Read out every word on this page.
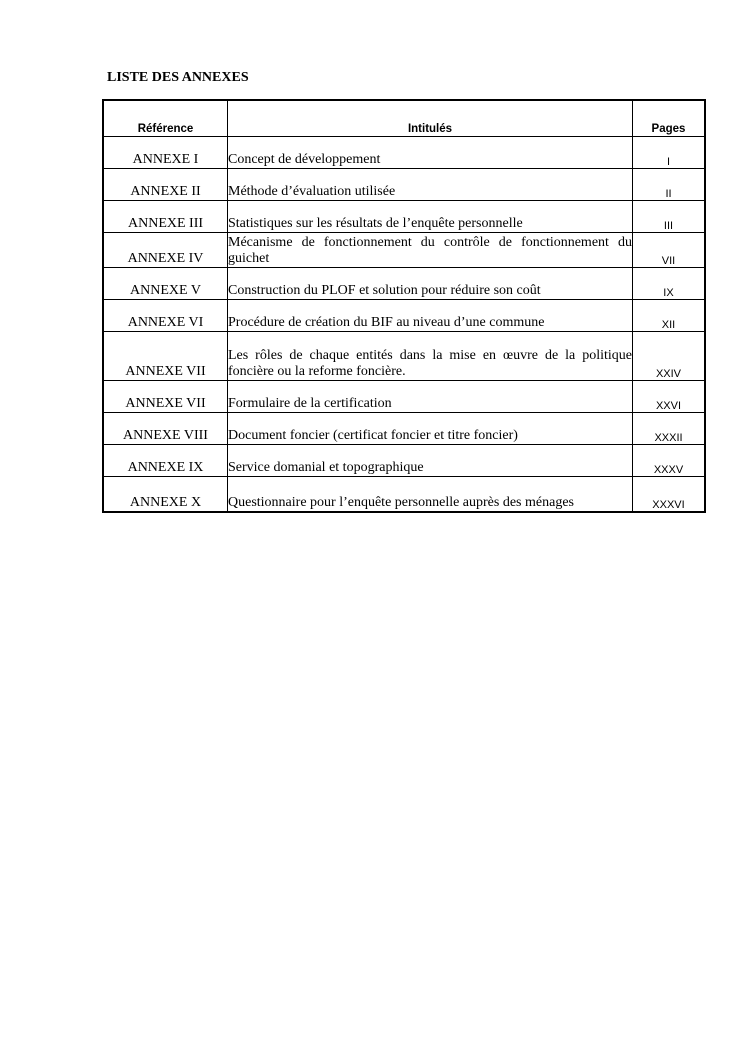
LISTE DES ANNEXES
Référence	Intitulés	Pages
ANNEXE I	Concept de développement	I
ANNEXE II	Méthode d’évaluation utilisée	II
ANNEXE III	Statistiques sur les résultats de l’enquête personnelle	III
ANNEXE IV	Mécanisme de fonctionnement du contrôle de fonctionnement du guichet	VII
ANNEXE V	Construction du PLOF et solution pour réduire son coût	IX
ANNEXE VI	Procédure de création du BIF au niveau d’une commune	XII
ANNEXE VII	Les rôles de chaque entités dans la mise en œuvre de la politique foncière ou la reforme foncière.	XXIV
ANNEXE VII	Formulaire de la certification	XXVI
ANNEXE VIII	Document foncier (certificat foncier et titre foncier)	XXXII
ANNEXE IX	Service domanial et topographique	XXXV
ANNEXE X	Questionnaire pour l’enquête personnelle auprès des ménages	XXXVI
